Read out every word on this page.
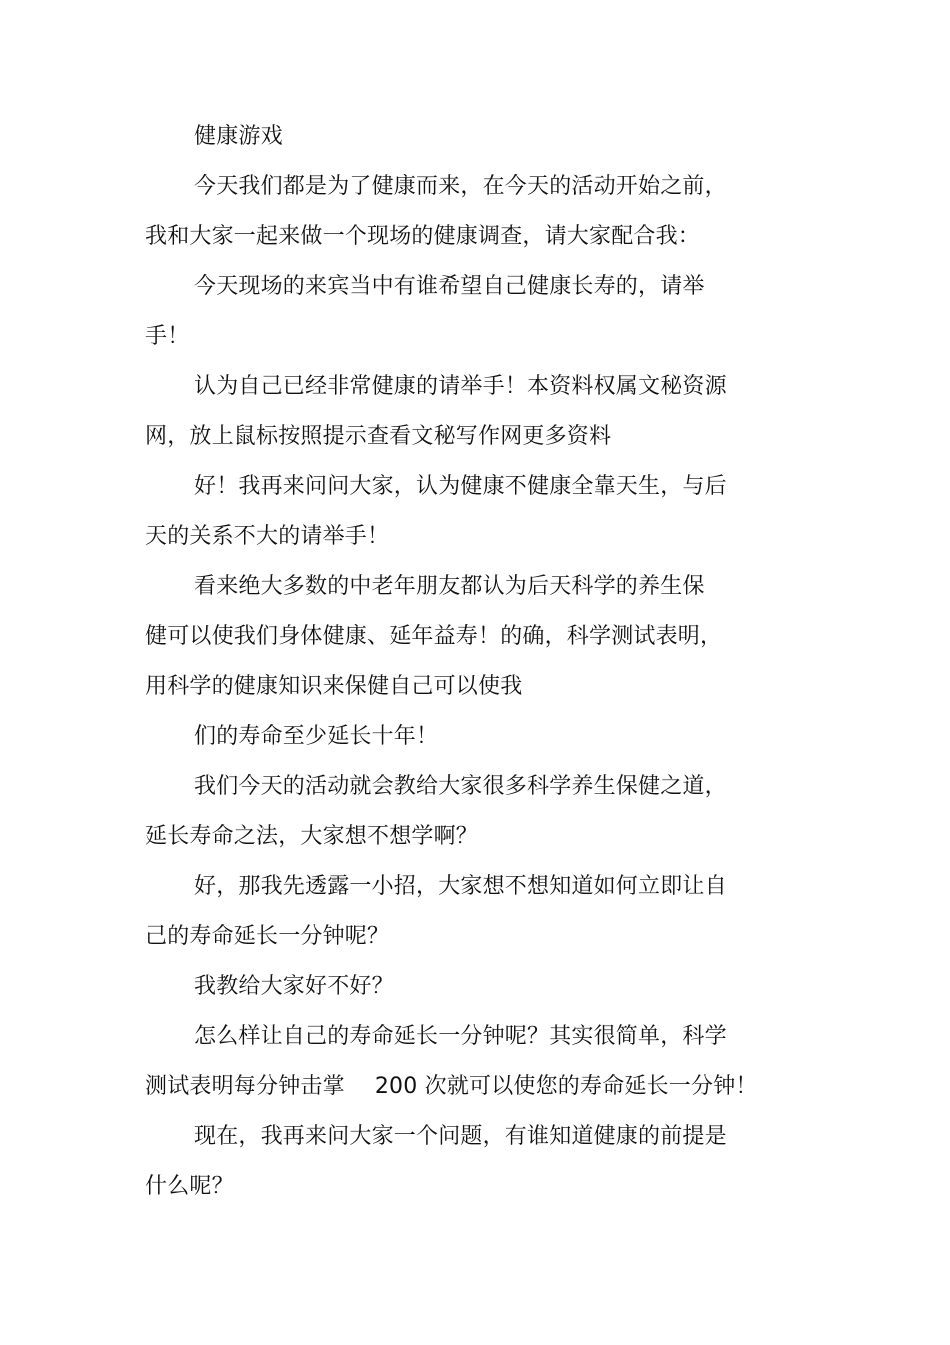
健康游戏
今天我们都是为了健康而来，在今天的活动开始之前，
我和大家一起来做一个现场的健康调查，请大家配合我：
今天现场的来宾当中有谁希望自己健康长寿的，请举
手！
认为自己已经非常健康的请举手！本资料权属文秘资源
网，放上鼠标按照提示查看文秘写作网更多资料
好！我再来问问大家，认为健康不健康全靠天生，与后
天的关系不大的请举手！
看来绝大多数的中老年朋友都认为后天科学的养生保
健可以使我们身体健康、延年益寿！的确，科学测试表明，
用科学的健康知识来保健自己可以使我
们的寿命至少延长十年！
我们今天的活动就会教给大家很多科学养生保健之道，
延长寿命之法，大家想不想学啊？
好，那我先透露一小招，大家想不想知道如何立即让自
己的寿命延长一分钟呢？
我教给大家好不好？
怎么样让自己的寿命延长一分钟呢？其实很简单，科学
测试表明每分钟击掌 200 次就可以使您的寿命延长一分钟！
现在，我再来问大家一个问题，有谁知道健康的前提是
什么呢？
